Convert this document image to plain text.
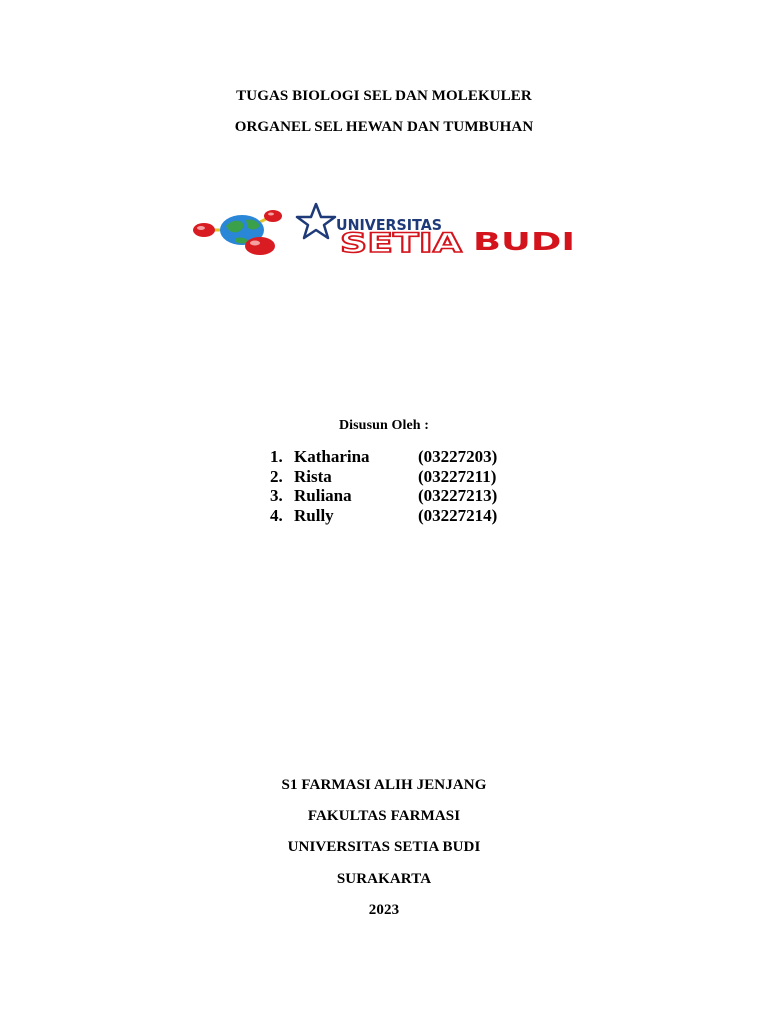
TUGAS BIOLOGI SEL DAN MOLEKULER
ORGANEL SEL HEWAN DAN TUMBUHAN
UNIVERSITAS
SETIA BUDI
Disusun Oleh :
1. Katharina	(03227203)
2. Rista	(03227211)
3. Ruliana	(03227213)
4. Rully	(03227214)
S1 FARMASI ALIH JENJANG
FAKULTAS FARMASI
UNIVERSITAS SETIA BUDI
SURAKARTA
2023
